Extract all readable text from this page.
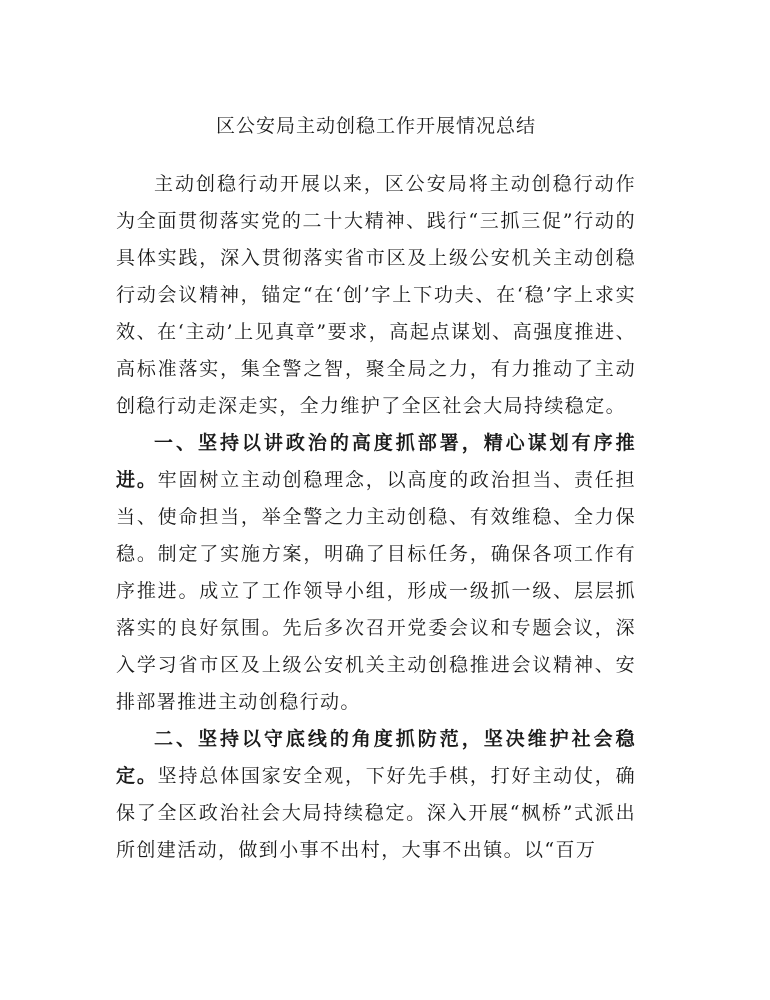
区公安局主动创稳工作开展情况总结

主动创稳行动开展以来，区公安局将主动创稳行动作为全面贯彻落实党的二十大精神、践行“三抓三促”行动的具体实践，深入贯彻落实省市区及上级公安机关主动创稳行动会议精神，锚定“在‘创’字上下功夫、在‘稳’字上求实效、在‘主动’上见真章”要求，高起点谋划、高强度推进、高标准落实，集全警之智，聚全局之力，有力推动了主动创稳行动走深走实，全力维护了全区社会大局持续稳定。

一、坚持以讲政治的高度抓部署，精心谋划有序推进。牢固树立主动创稳理念，以高度的政治担当、责任担当、使命担当，举全警之力主动创稳、有效维稳、全力保稳。制定了实施方案，明确了目标任务，确保各项工作有序推进。成立了工作领导小组，形成一级抓一级、层层抓落实的良好氛围。先后多次召开党委会议和专题会议，深入学习省市区及上级公安机关主动创稳推进会议精神、安排部署推进主动创稳行动。

二、坚持以守底线的角度抓防范，坚决维护社会稳定。坚持总体国家安全观，下好先手棋，打好主动仗，确保了全区政治社会大局持续稳定。深入开展“枫桥”式派出所创建活动，做到小事不出村，大事不出镇。以“百万
